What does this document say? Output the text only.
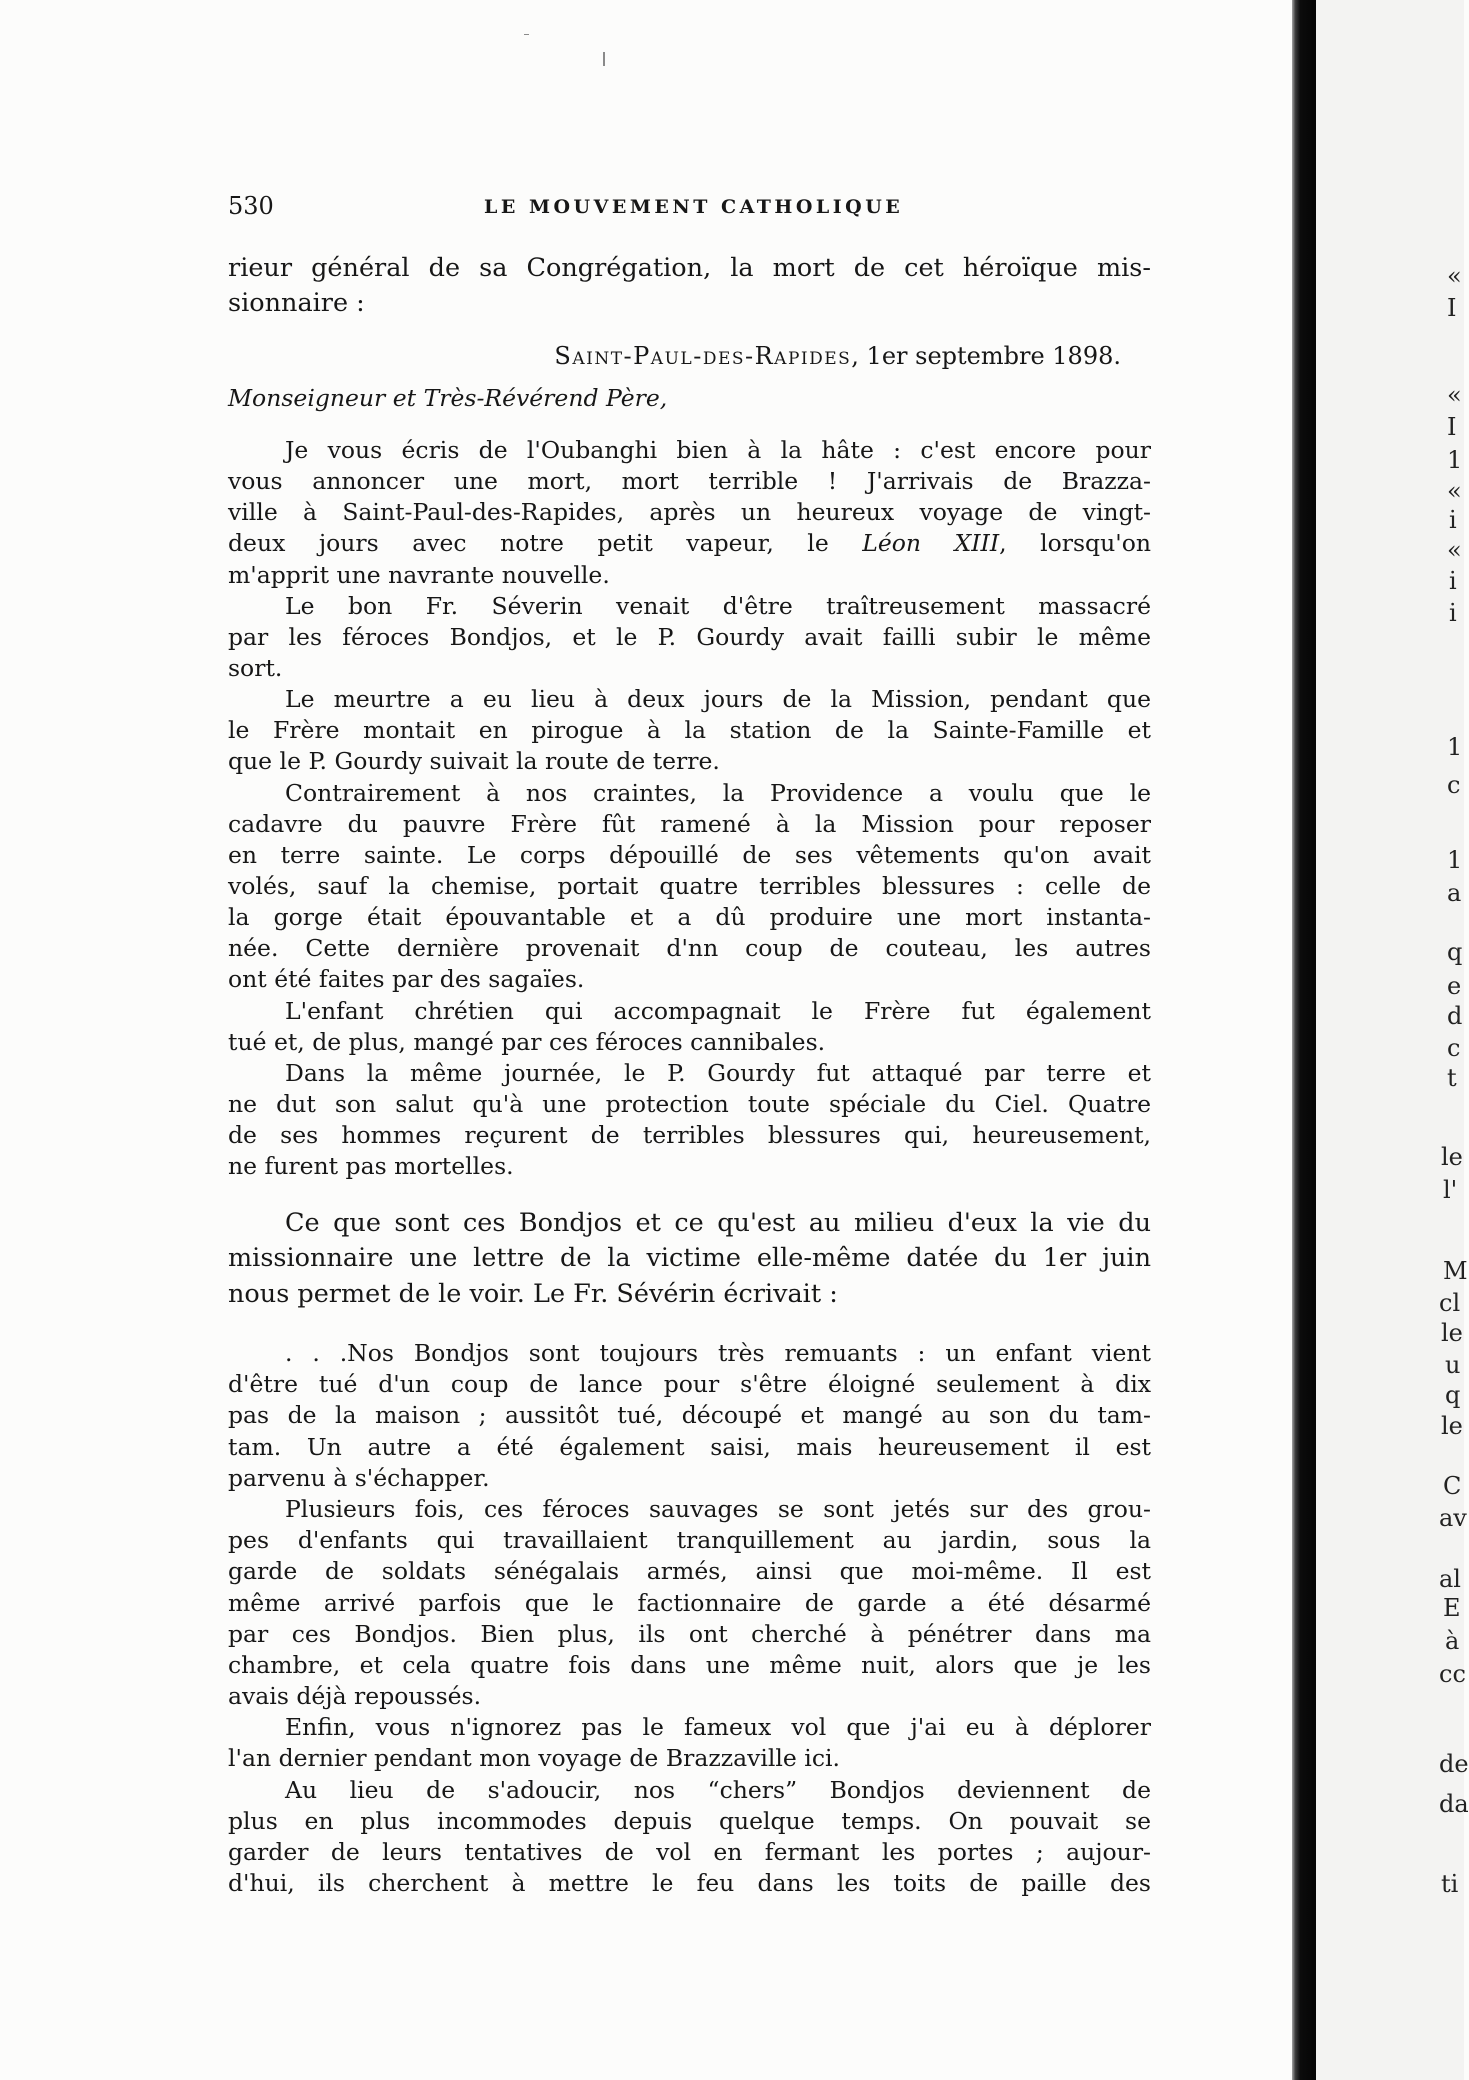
530	LE MOUVEMENT CATHOLIQUE
rieur général de sa Congrégation, la mort de cet héroïque mis-
sionnaire :
Saint-Paul-des-Rapides, 1er septembre 1898.
Monseigneur et Très-Révérend Père,
Je vous écris de l'Oubanghi bien à la hâte : c'est encore pour
vous annoncer une mort, mort terrible ! J'arrivais de Brazza-
ville à Saint-Paul-des-Rapides, après un heureux voyage de vingt-
deux jours avec notre petit vapeur, le Léon XIII, lorsqu'on
m'apprit une navrante nouvelle.
Le bon Fr. Séverin venait d'être traîtreusement massacré
par les féroces Bondjos, et le P. Gourdy avait failli subir le même
sort.
Le meurtre a eu lieu à deux jours de la Mission, pendant que
le Frère montait en pirogue à la station de la Sainte-Famille et
que le P. Gourdy suivait la route de terre.
Contrairement à nos craintes, la Providence a voulu que le
cadavre du pauvre Frère fût ramené à la Mission pour reposer
en terre sainte. Le corps dépouillé de ses vêtements qu'on avait
volés, sauf la chemise, portait quatre terribles blessures : celle de
la gorge était épouvantable et a dû produire une mort instanta-
née. Cette dernière provenait d'nn coup de couteau, les autres
ont été faites par des sagaïes.
L'enfant chrétien qui accompagnait le Frère fut également
tué et, de plus, mangé par ces féroces cannibales.
Dans la même journée, le P. Gourdy fut attaqué par terre et
ne dut son salut qu'à une protection toute spéciale du Ciel. Quatre
de ses hommes reçurent de terribles blessures qui, heureusement,
ne furent pas mortelles.
Ce que sont ces Bondjos et ce qu'est au milieu d'eux la vie du
missionnaire une lettre de la victime elle-même datée du 1er juin
nous permet de le voir. Le Fr. Sévérin écrivait :
. . .Nos Bondjos sont toujours très remuants : un enfant vient
d'être tué d'un coup de lance pour s'être éloigné seulement à dix
pas de la maison ; aussitôt tué, découpé et mangé au son du tam-
tam. Un autre a été également saisi, mais heureusement il est
parvenu à s'échapper.
Plusieurs fois, ces féroces sauvages se sont jetés sur des grou-
pes d'enfants qui travaillaient tranquillement au jardin, sous la
garde de soldats sénégalais armés, ainsi que moi-même. Il est
même arrivé parfois que le factionnaire de garde a été désarmé
par ces Bondjos. Bien plus, ils ont cherché à pénétrer dans ma
chambre, et cela quatre fois dans une même nuit, alors que je les
avais déjà repoussés.
Enfin, vous n'ignorez pas le fameux vol que j'ai eu à déplorer
l'an dernier pendant mon voyage de Brazzaville ici.
Au lieu de s'adoucir, nos “chers” Bondjos deviennent de
plus en plus incommodes depuis quelque temps. On pouvait se
garder de leurs tentatives de vol en fermant les portes ; aujour-
d'hui, ils cherchent à mettre le feu dans les toits de paille des
«
I
«
I
1
«
i
«
i
i
1
c
1
a
q
e
d
c
t
le
l'
M
cl
le
u
q
le
C
av
al
E
à
cc
de
da
ti
